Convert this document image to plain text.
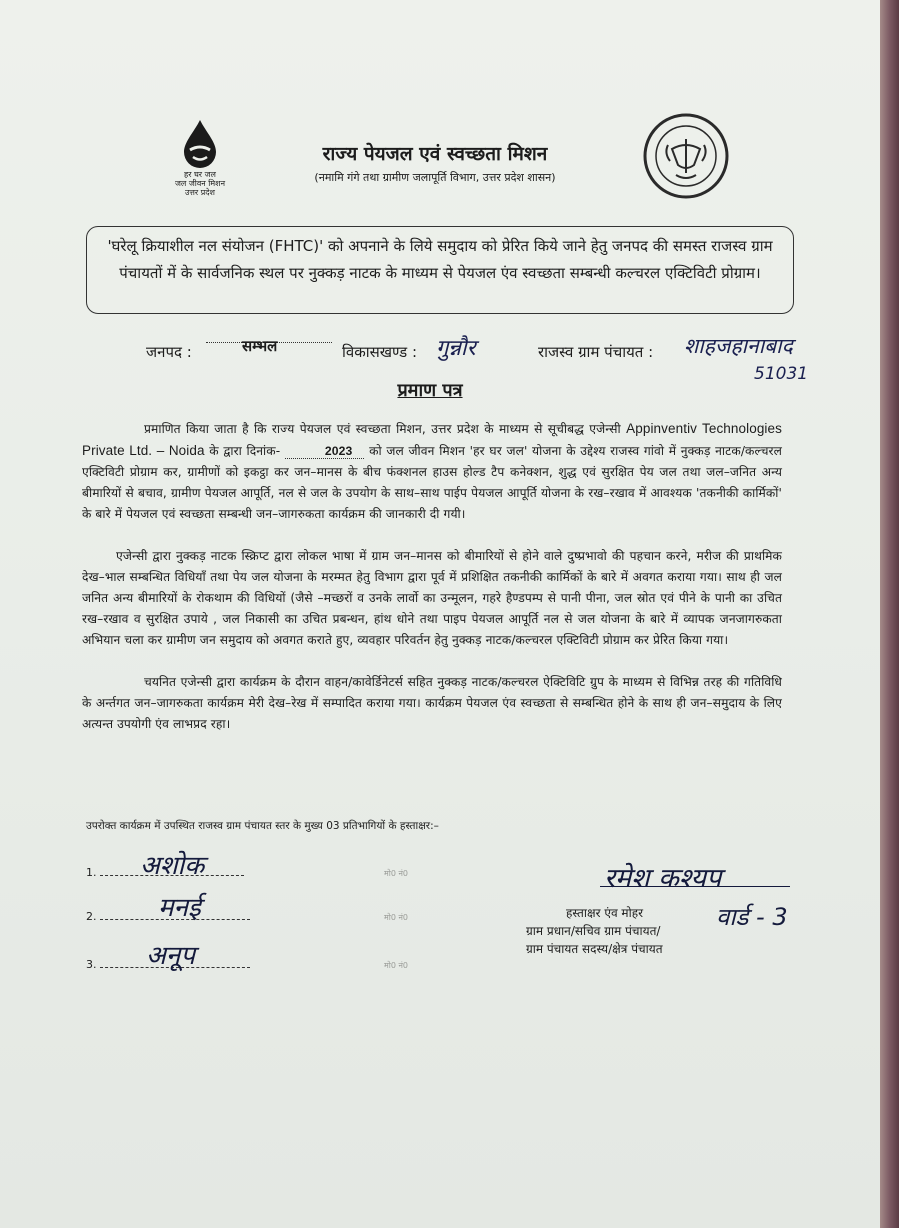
हर घर जल
जल जीवन मिशन
उत्तर प्रदेश
राज्य पेयजल एवं स्वच्छता मिशन
(नमामि गंगे तथा ग्रामीण जलापूर्ति विभाग, उत्तर प्रदेश शासन)
'घरेलू क्रियाशील नल संयोजन (FHTC)' को अपनाने के लिये समुदाय को प्रेरित किये जाने हेतु जनपद की समस्त राजस्व ग्राम पंचायतों में के सार्वजनिक स्थल पर नुक्कड़ नाटक के माध्यम से पेयजल एंव स्वच्छता सम्बन्धी कल्चरल एक्टिविटी प्रोग्राम।
जनपद :	सम्भल	विकासखण्ड : गुन्नौर	राजस्व ग्राम पंचायत : शाहजहानाबाद
51031
प्रमाण पत्र
प्रमाणित किया जाता है कि राज्य पेयजल एवं स्वच्छता मिशन, उत्तर प्रदेश के माध्यम से सूचीबद्ध एजेन्सी Appinventiv Technologies Private Ltd. – Noida के द्वारा दिनांक-	2023 को जल जीवन मिशन 'हर घर जल' योजना के उद्देश्य राजस्व गांवो में नुक्कड़ नाटक/कल्चरल एक्टिविटी प्रोग्राम कर, ग्रामीणों को इकट्ठा कर जन–मानस के बीच फंक्शनल हाउस होल्ड टैप कनेक्शन, शुद्ध एवं सुरक्षित पेय जल तथा जल–जनित अन्य बीमारियों से बचाव, ग्रामीण पेयजल आपूर्ति, नल से जल के उपयोग के साथ–साथ पाईप पेयजल आपूर्ति योजना के रख–रखाव में आवश्यक 'तकनीकी कार्मिकों' के बारे में पेयजल एवं स्वच्छता सम्बन्धी जन–जागरुकता कार्यक्रम की जानकारी दी गयी।
एजेन्सी द्वारा नुक्कड़ नाटक स्क्रिप्ट द्वारा लोकल भाषा में ग्राम जन–मानस को बीमारियों से होने वाले दुष्प्रभावो की पहचान करने, मरीज की प्राथमिक देख–भाल सम्बन्धित विधियाँ तथा पेय जल योजना के मरम्मत हेतु विभाग द्वारा पूर्व में प्रशिक्षित तकनीकी कार्मिकों के बारे में अवगत कराया गया। साथ ही जल जनित अन्य बीमारियों के रोकथाम की विधियों (जैसे –मच्छरों व उनके लार्वो का उन्मूलन, गहरे हैण्डपम्प से पानी पीना, जल स्रोत एवं पीने के पानी का उचित रख–रखाव व सुरक्षित उपाये , जल निकासी का उचित प्रबन्धन, हांथ धोने तथा पाइप पेयजल आपूर्ति नल से जल योजना के बारे में व्यापक जनजागरुकता अभियान चला कर ग्रामीण जन समुदाय को अवगत कराते हुए, व्यवहार परिवर्तन हेतु नुक्कड़ नाटक/कल्चरल एक्टिविटी प्रोग्राम कर प्रेरित किया गया।
चयनित एजेन्सी द्वारा कार्यक्रम के दौरान वाहन/कावेर्डिनेटर्स सहित नुक्कड़ नाटक/कल्चरल ऐक्टिविटि ग्रुप के माध्यम से विभिन्न तरह की गतिविधि के अर्न्तगत जन–जागरुकता कार्यक्रम मेरी देख–रेख में सम्पादित कराया गया। कार्यक्रम पेयजल एंव स्वच्छता से सम्बन्धित होने के साथ ही जन–समुदाय के लिए अत्यन्त उपयोगी एंव लाभप्रद रहा।
उपरोक्त कार्यक्रम में उपस्थित राजस्व ग्राम पंचायत स्तर के मुख्य 03 प्रतिभागियों के हस्ताक्षर:–
1.	अशोक	मो0 नं0
2.	मनई	मो0 नं0
3.	अनूप	मो0 नं0
रमेश कश्यप
वार्ड - 3
हस्ताक्षर एंव मोहर
ग्राम प्रधान/सचिव ग्राम पंचायत/
ग्राम पंचायत सदस्य/क्षेत्र पंचायत
